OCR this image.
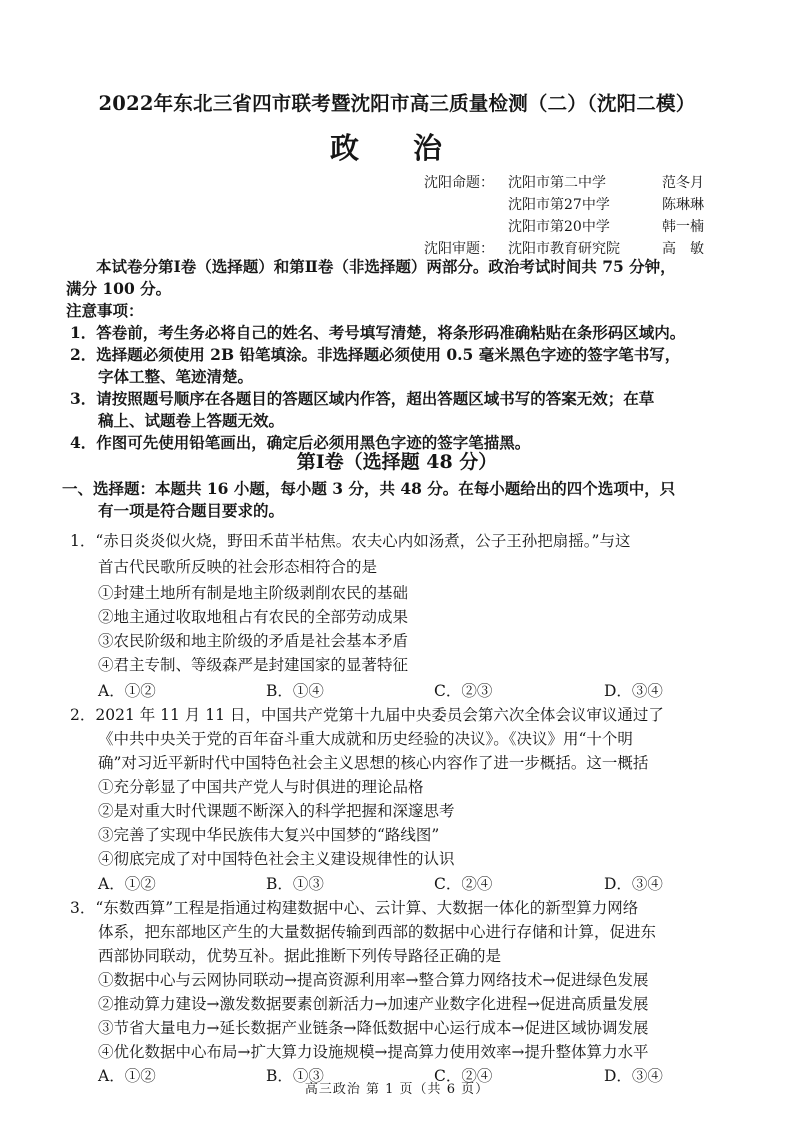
2022年东北三省四市联考暨沈阳市高三质量检测（二）（沈阳二模）
政 治
沈阳命题： 沈阳市第二中学	范冬月
沈阳市第27中学	陈琳琳
沈阳市第20中学	韩一楠
沈阳审题： 沈阳市教育研究院	高　敏
本试卷分第Ⅰ卷（选择题）和第Ⅱ卷（非选择题）两部分。政治考试时间共 75 分钟，
满分 100 分。
注意事项：
1．答卷前，考生务必将自己的姓名、考号填写清楚，将条形码准确粘贴在条形码区域内。
2．选择题必须使用 2B 铅笔填涂。非选择题必须使用 0.5 毫米黑色字迹的签字笔书写，
字体工整、笔迹清楚。
3．请按照题号顺序在各题目的答题区域内作答，超出答题区域书写的答案无效；在草
稿上、试题卷上答题无效。
4．作图可先使用铅笔画出，确定后必须用黑色字迹的签字笔描黑。
第Ⅰ卷（选择题 48 分）
一、选择题：本题共 16 小题，每小题 3 分，共 48 分。在每小题给出的四个选项中，只
有一项是符合题目要求的。
1．“赤日炎炎似火烧，野田禾苗半枯焦。农夫心内如汤煮，公子王孙把扇摇。”与这
首古代民歌所反映的社会形态相符合的是
①封建土地所有制是地主阶级剥削农民的基础
②地主通过收取地租占有农民的全部劳动成果
③农民阶级和地主阶级的矛盾是社会基本矛盾
④君主专制、等级森严是封建国家的显著特征
A．①②	B．①④	C．②③	D．③④
2．2021 年 11 月 11 日，中国共产党第十九届中央委员会第六次全体会议审议通过了
《中共中央关于党的百年奋斗重大成就和历史经验的决议》。《决议》用“十个明
确”对习近平新时代中国特色社会主义思想的核心内容作了进一步概括。这一概括
①充分彰显了中国共产党人与时俱进的理论品格
②是对重大时代课题不断深入的科学把握和深邃思考
③完善了实现中华民族伟大复兴中国梦的“路线图”
④彻底完成了对中国特色社会主义建设规律性的认识
A．①②	B．①③	C．②④	D．③④
3．“东数西算”工程是指通过构建数据中心、云计算、大数据一体化的新型算力网络
体系，把东部地区产生的大量数据传输到西部的数据中心进行存储和计算，促进东
西部协同联动，优势互补。据此推断下列传导路径正确的是
①数据中心与云网协同联动→提高资源利用率→整合算力网络技术→促进绿色发展
②推动算力建设→激发数据要素创新活力→加速产业数字化进程→促进高质量发展
③节省大量电力→延长数据产业链条→降低数据中心运行成本→促进区域协调发展
④优化数据中心布局→扩大算力设施规模→提高算力使用效率→提升整体算力水平
A．①②	B．①③	C．②④	D．③④
高三政治 第 1 页（共 6 页）
